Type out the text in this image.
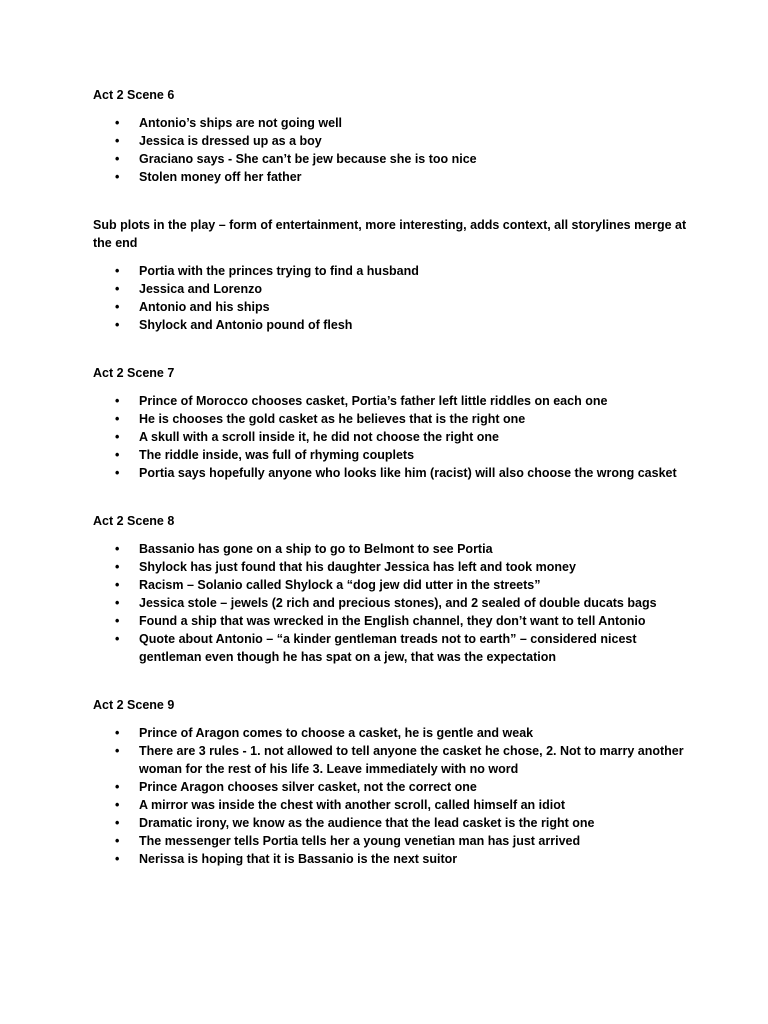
Act 2 Scene 6

• Antonio’s ships are not going well
• Jessica is dressed up as a boy
• Graciano says - She can’t be jew because she is too nice
• Stolen money off her father

Sub plots in the play – form of entertainment, more interesting, adds context, all storylines merge at the end

• Portia with the princes trying to find a husband
• Jessica and Lorenzo
• Antonio and his ships
• Shylock and Antonio pound of flesh

Act 2 Scene 7

• Prince of Morocco chooses casket, Portia’s father left little riddles on each one
• He is chooses the gold casket as he believes that is the right one
• A skull with a scroll inside it, he did not choose the right one
• The riddle inside, was full of rhyming couplets
• Portia says hopefully anyone who looks like him (racist) will also choose the wrong casket

Act 2 Scene 8

• Bassanio has gone on a ship to go to Belmont to see Portia
• Shylock has just found that his daughter Jessica has left and took money
• Racism – Solanio called Shylock a “dog jew did utter in the streets”
• Jessica stole – jewels (2 rich and precious stones), and 2 sealed of double ducats bags
• Found a ship that was wrecked in the English channel, they don’t want to tell Antonio
• Quote about Antonio – “a kinder gentleman treads not to earth” – considered nicest gentleman even though he has spat on a jew, that was the expectation

Act 2 Scene 9

• Prince of Aragon comes to choose a casket, he is gentle and weak
• There are 3 rules - 1. not allowed to tell anyone the casket he chose, 2. Not to marry another woman for the rest of his life 3. Leave immediately with no word
• Prince Aragon chooses silver casket, not the correct one
• A mirror was inside the chest with another scroll, called himself an idiot
• Dramatic irony, we know as the audience that the lead casket is the right one
• The messenger tells Portia tells her a young venetian man has just arrived
• Nerissa is hoping that it is Bassanio is the next suitor
